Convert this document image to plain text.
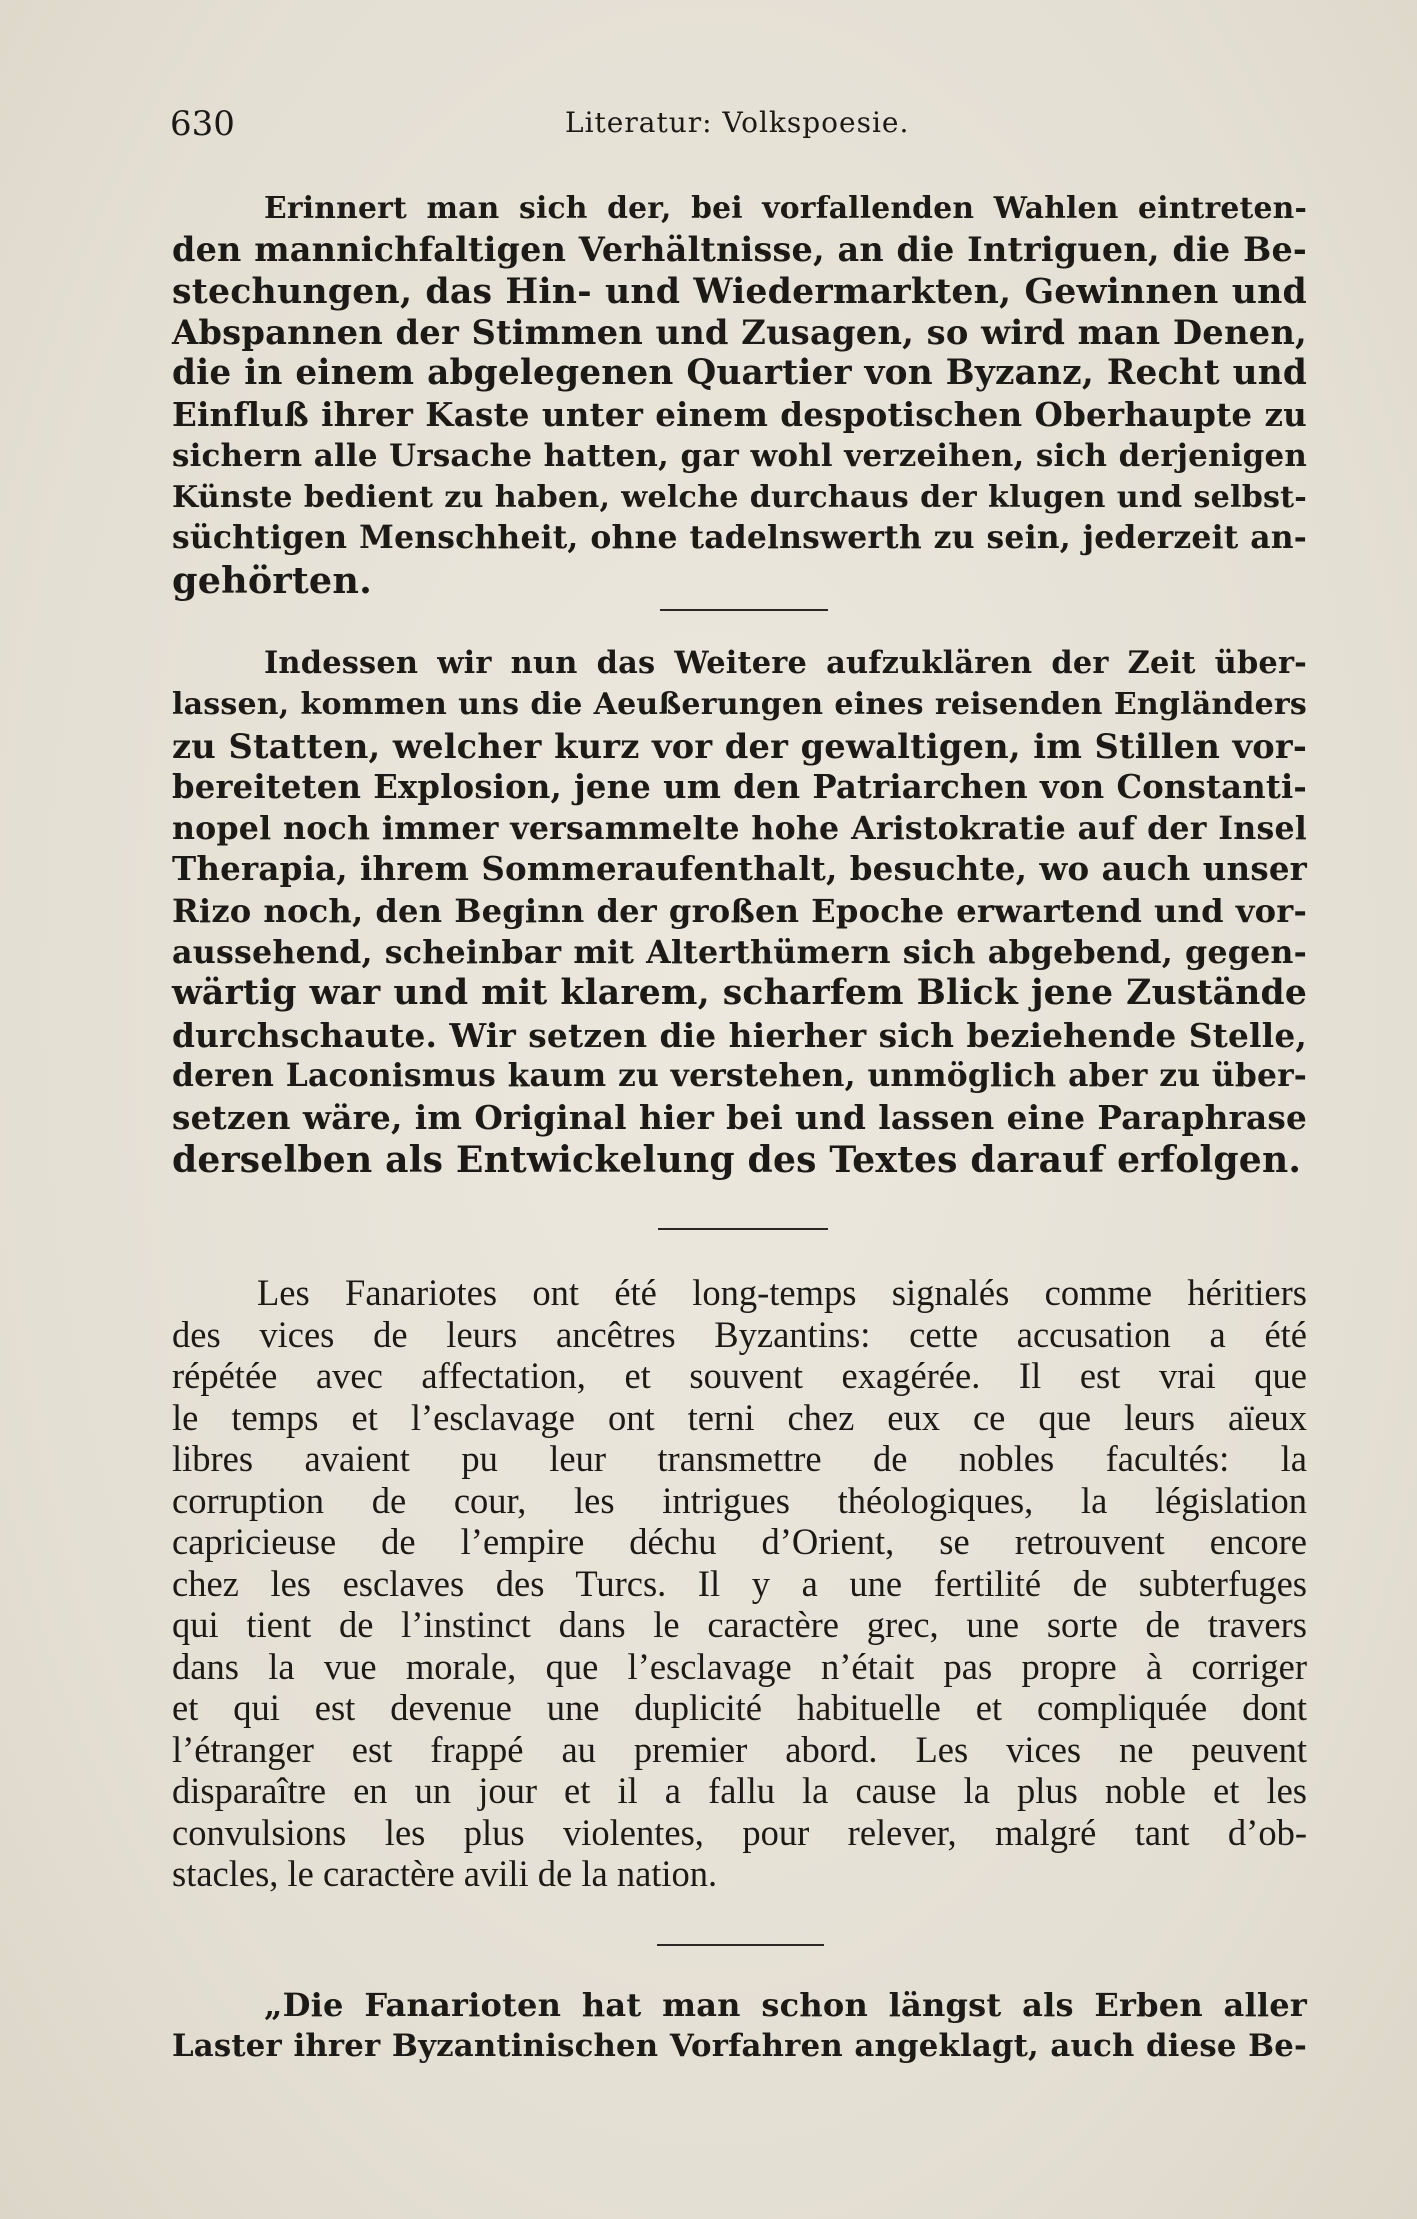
630	Literatur: Volkspoesie.
Erinnert man sich der, bei vorfallenden Wahlen eintreten-
den mannichfaltigen Verhältnisse, an die Intriguen, die Be-
stechungen, das Hin- und Wiedermarkten, Gewinnen und
Abspannen der Stimmen und Zusagen, so wird man Denen,
die in einem abgelegenen Quartier von Byzanz, Recht und
Einfluß ihrer Kaste unter einem despotischen Oberhaupte zu
sichern alle Ursache hatten, gar wohl verzeihen, sich derjenigen
Künste bedient zu haben, welche durchaus der klugen und selbst-
süchtigen Menschheit, ohne tadelnswerth zu sein, jederzeit an-
gehörten.
Indessen wir nun das Weitere aufzuklären der Zeit über-
lassen, kommen uns die Aeußerungen eines reisenden Engländers
zu Statten, welcher kurz vor der gewaltigen, im Stillen vor-
bereiteten Explosion, jene um den Patriarchen von Constanti-
nopel noch immer versammelte hohe Aristokratie auf der Insel
Therapia, ihrem Sommeraufenthalt, besuchte, wo auch unser
Rizo noch, den Beginn der großen Epoche erwartend und vor-
aussehend, scheinbar mit Alterthümern sich abgebend, gegen-
wärtig war und mit klarem, scharfem Blick jene Zustände
durchschaute. Wir setzen die hierher sich beziehende Stelle,
deren Laconismus kaum zu verstehen, unmöglich aber zu über-
setzen wäre, im Original hier bei und lassen eine Paraphrase
derselben als Entwickelung des Textes darauf erfolgen.
Les Fanariotes ont été long-temps signalés comme héritiers
des vices de leurs ancêtres Byzantins: cette accusation a été
répétée avec affectation, et souvent exagérée. Il est vrai que
le temps et l’esclavage ont terni chez eux ce que leurs aïeux
libres avaient pu leur transmettre de nobles facultés: la
corruption de cour, les intrigues théologiques, la législation
capricieuse de l’empire déchu d’Orient, se retrouvent encore
chez les esclaves des Turcs. Il y a une fertilité de subterfuges
qui tient de l’instinct dans le caractère grec, une sorte de travers
dans la vue morale, que l’esclavage n’était pas propre à corriger
et qui est devenue une duplicité habituelle et compliquée dont
l’étranger est frappé au premier abord. Les vices ne peuvent
disparaître en un jour et il a fallu la cause la plus noble et les
convulsions les plus violentes, pour relever, malgré tant d’ob-
stacles, le caractère avili de la nation.
„Die Fanarioten hat man schon längst als Erben aller
Laster ihrer Byzantinischen Vorfahren angeklagt, auch diese Be-
